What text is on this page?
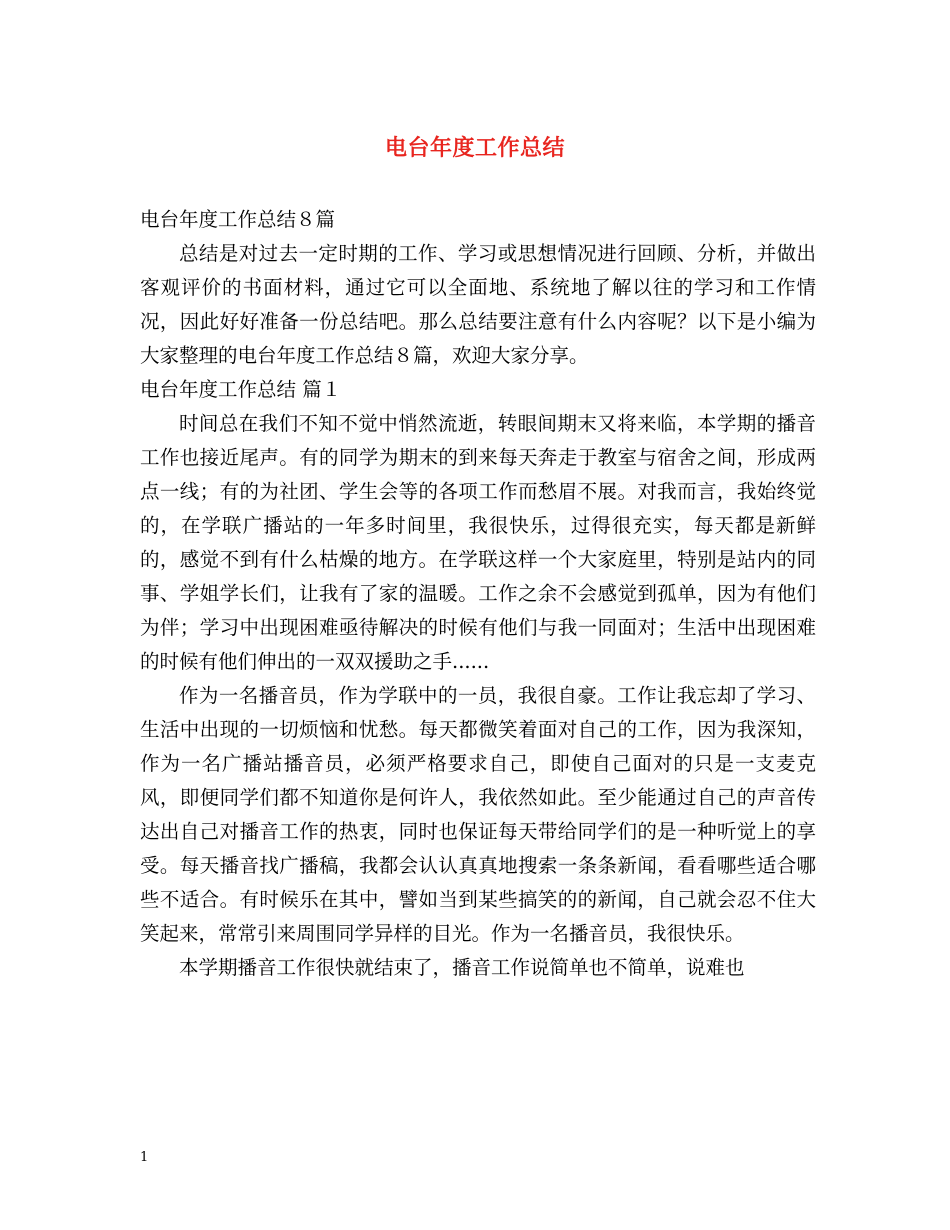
电台年度工作总结

电台年度工作总结８篇

总结是对过去一定时期的工作、学习或思想情况进行回顾、分析，并做出客观评价的书面材料，通过它可以全面地、系统地了解以往的学习和工作情况，因此好好准备一份总结吧。那么总结要注意有什么内容呢？以下是小编为大家整理的电台年度工作总结８篇，欢迎大家分享。

电台年度工作总结 篇１

时间总在我们不知不觉中悄然流逝，转眼间期末又将来临，本学期的播音工作也接近尾声。有的同学为期末的到来每天奔走于教室与宿舍之间，形成两点一线；有的为社团、学生会等的各项工作而愁眉不展。对我而言，我始终觉的，在学联广播站的一年多时间里，我很快乐，过得很充实，每天都是新鲜的，感觉不到有什么枯燥的地方。在学联这样一个大家庭里，特别是站内的同事、学姐学长们，让我有了家的温暖。工作之余不会感觉到孤单，因为有他们为伴；学习中出现困难亟待解决的时候有他们与我一同面对；生活中出现困难的时候有他们伸出的一双双援助之手......

作为一名播音员，作为学联中的一员，我很自豪。工作让我忘却了学习、生活中出现的一切烦恼和忧愁。每天都微笑着面对自己的工作，因为我深知，作为一名广播站播音员，必须严格要求自己，即使自己面对的只是一支麦克风，即便同学们都不知道你是何许人，我依然如此。至少能通过自己的声音传达出自己对播音工作的热衷，同时也保证每天带给同学们的是一种听觉上的享受。每天播音找广播稿，我都会认认真真地搜索一条条新闻，看看哪些适合哪些不适合。有时候乐在其中，譬如当到某些搞笑的的新闻，自己就会忍不住大笑起来，常常引来周围同学异样的目光。作为一名播音员，我很快乐。

本学期播音工作很快就结束了，播音工作说简单也不简单，说难也

1
